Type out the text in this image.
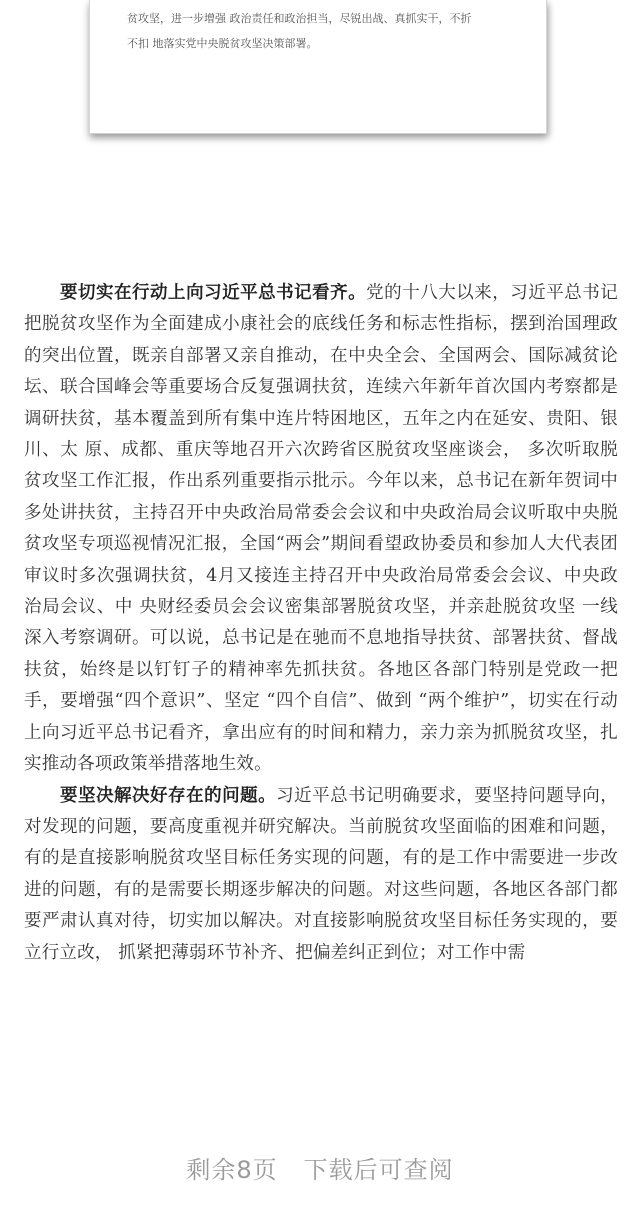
贫攻坚，进一步增强 政治责任和政治担当，尽锐出战、真抓实干，不折

不扣 地落实党中央脱贫攻坚决策部署。

要切实在行动上向习近平总书记看齐。党的十八大以来，习近平总书记把脱贫攻坚作为全面建成小康社会的底线任务和标志性指标，摆到治国理政的突出位置，既亲自部署又亲自推动，在中央全会、全国两会、国际减贫论坛、联合国峰会等重要场合反复强调扶贫，连续六年新年首次国内考察都是调研扶贫，基本覆盖到所有集中连片特困地区，五年之内在延安、贵阳、银川、太 原、成都、重庆等地召开六次跨省区脱贫攻坚座谈会， 多次听取脱贫攻坚工作汇报，作出系列重要指示批示。今年以来，总书记在新年贺词中多处讲扶贫，主持召开中央政治局常委会会议和中央政治局会议听取中央脱贫攻坚专项巡视情况汇报，全国“两会”期间看望政协委员和参加人大代表团审议时多次强调扶贫，4月又接连主持召开中央政治局常委会会议、中央政治局会议、中 央财经委员会会议密集部署脱贫攻坚，并亲赴脱贫攻坚 一线深入考察调研。可以说，总书记是在驰而不息地指导扶贫、部署扶贫、督战扶贫，始终是以钉钉子的精神率先抓扶贫。各地区各部门特别是党政一把手，要增强“四个意识”、坚定 “四个自信”、做到 “两个维护”，切实在行动上向习近平总书记看齐，拿出应有的时间和精力，亲力亲为抓脱贫攻坚，扎实推动各项政策举措落地生效。

要坚决解决好存在的问题。习近平总书记明确要求，要坚持问题导向，对发现的问题，要高度重视并研究解决。当前脱贫攻坚面临的困难和问题，有的是直接影响脱贫攻坚目标任务实现的问题，有的是工作中需要进一步改进的问题，有的是需要长期逐步解决的问题。对这些问题，各地区各部门都要严肃认真对待，切实加以解决。对直接影响脱贫攻坚目标任务实现的，要立行立改， 抓紧把薄弱环节补齐、把偏差纠正到位；对工作中需

剩余8页 下载后可查阅
